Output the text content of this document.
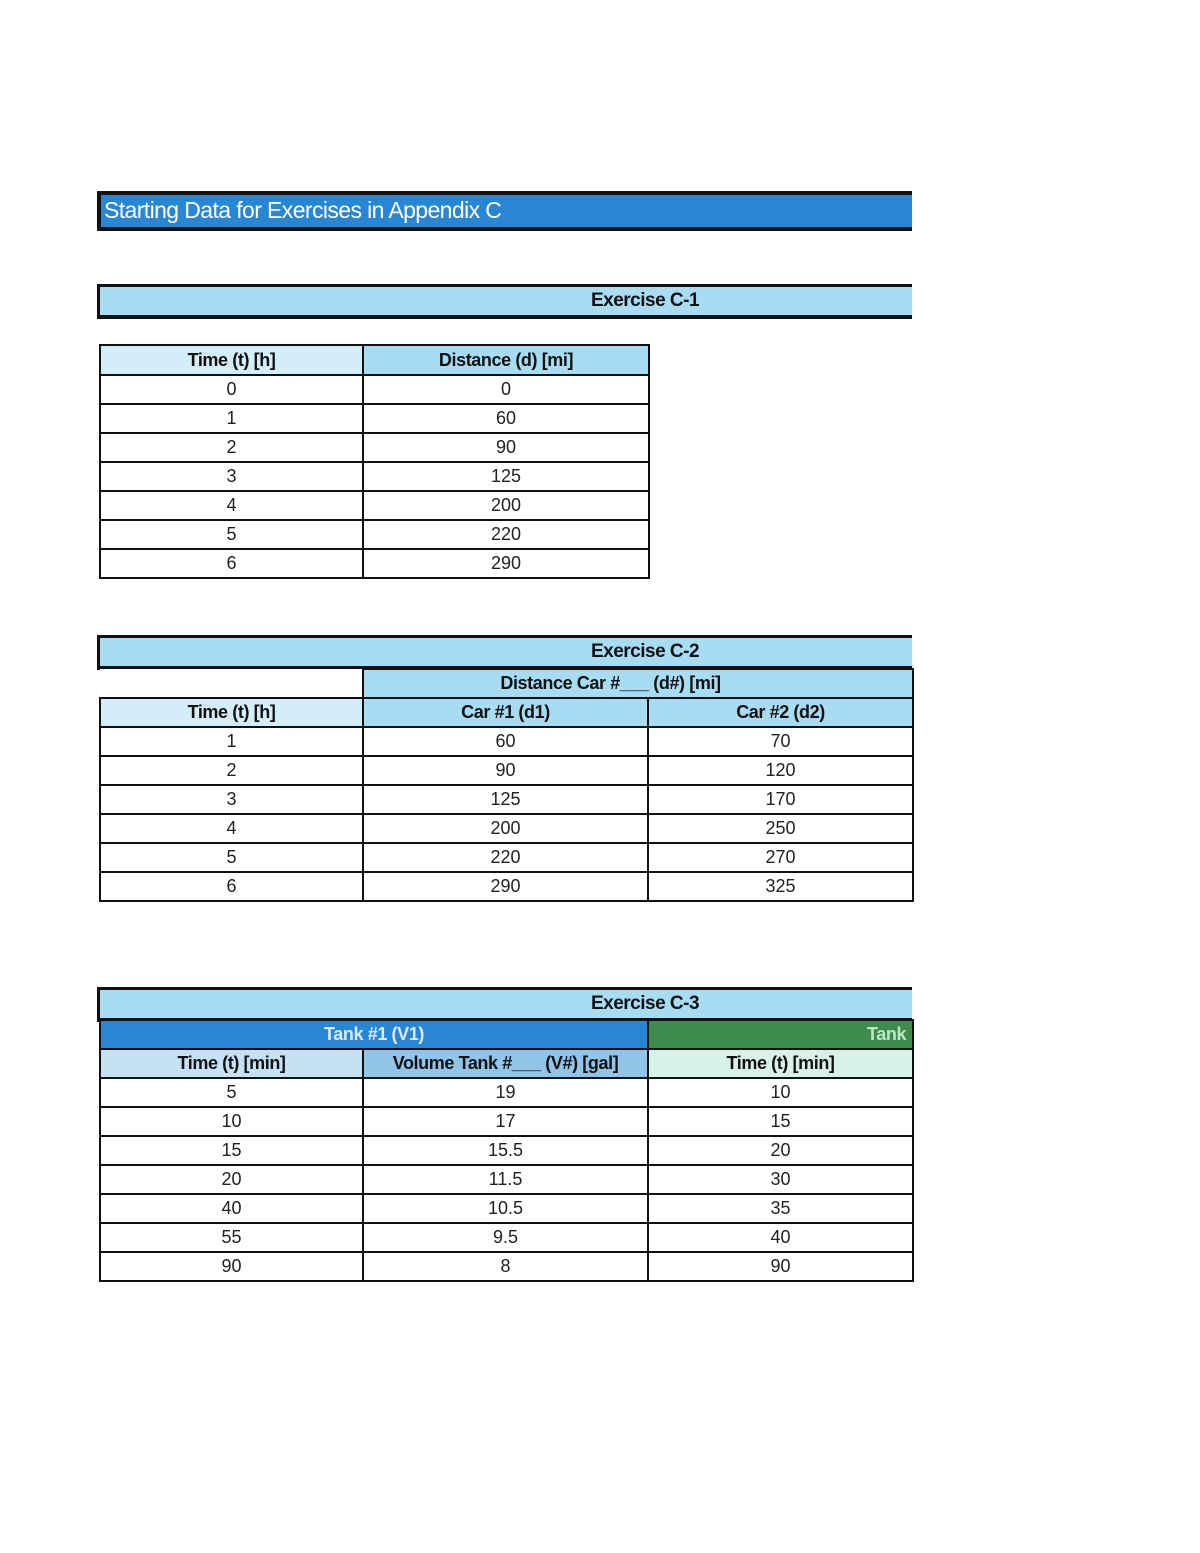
Starting Data for Exercises in Appendix C
Exercise C-1
Time (t) [h]	Distance (d) [mi]
0	0
1	60
2	90
3	125
4	200
5	220
6	290
Exercise C-2
	Distance Car #___ (d#) [mi]	
Time (t) [h]	Car #1 (d1)	Car #2 (d2)
1	60	70
2	90	120
3	125	170
4	200	250
5	220	270
6	290	325
Exercise C-3
Tank #1 (V1)		Tank
Time (t) [min]	Volume Tank #___ (V#) [gal]	Time (t) [min]
5	19	10
10	17	15
15	15.5	20
20	11.5	30
40	10.5	35
55	9.5	40
90	8	90
